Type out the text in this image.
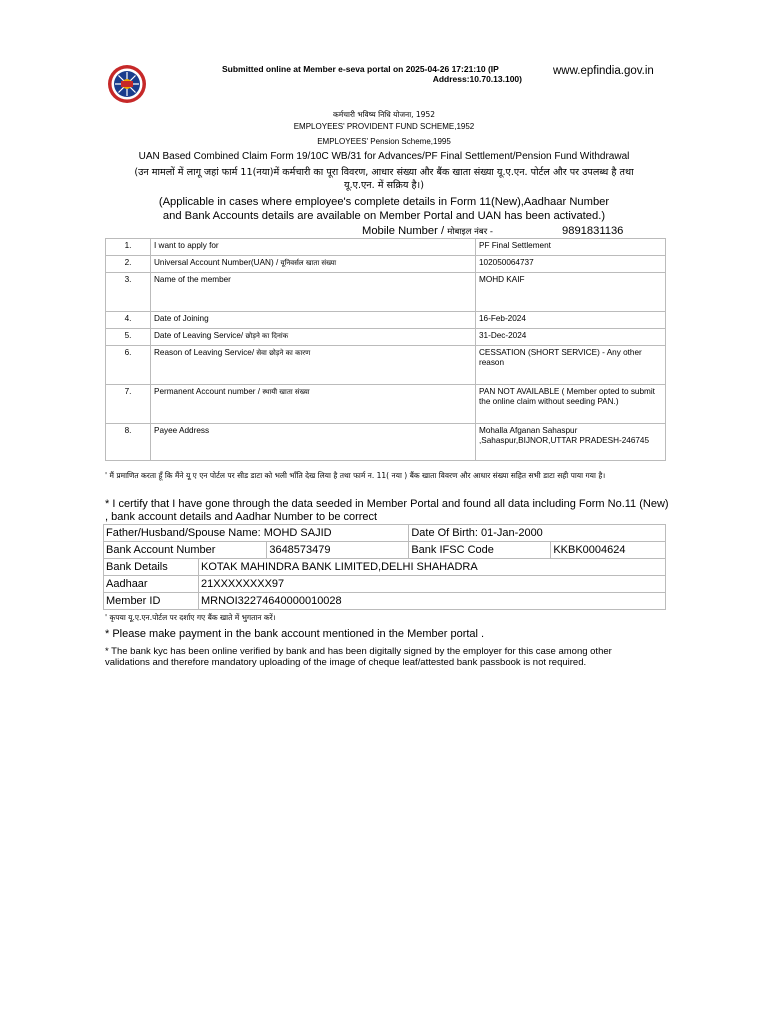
Submitted online at Member e-seva portal on 2025-04-26 17:21:10 (IP
Address:10.70.13.100)
www.epfindia.gov.in
कर्मचारी भविष्य निधि योजना, 1952
EMPLOYEES' PROVIDENT FUND SCHEME,1952
EMPLOYEES' Pension Scheme,1995
UAN Based Combined Claim Form 19/10C WB/31 for Advances/PF Final Settlement/Pension Fund Withdrawal
(उन मामलों में लागू जहां फार्म 11(नया)में कर्मचारी का पूरा विवरण, आधार संख्या और बैंक खाता संख्या यू.ए.एन. पोर्टल और पर उपलब्ध है तथा यू.ए.एन. में सक्रिय है।)
(Applicable in cases where employee's complete details in Form 11(New),Aadhaar Number and Bank Accounts details are available on Member Portal and UAN has been activated.)
Mobile Number / मोबाइल नंबर -	9891831136
1.	I want to apply for	PF Final Settlement
2.	Universal Account Number(UAN) / यूनिवर्सल खाता संख्या	102050064737
3.	Name of the member	MOHD KAIF
4.	Date of Joining	16-Feb-2024
5.	Date of Leaving Service/ छोड़ने का दिनांक	31-Dec-2024
6.	Reason of Leaving Service/ सेवा छोड़ने का कारण	CESSATION (SHORT SERVICE) - Any other reason
7.	Permanent Account number / स्थायी खाता संख्या	PAN NOT AVAILABLE ( Member opted to submit the online claim without seeding PAN.)
8.	Payee Address	Mohalla Afganan Sahaspur ,Sahaspur,BIJNOR,UTTAR PRADESH-246745
' मैं प्रमाणित करता हूँ कि मैंने यू ए एन पोर्टल पर सीड डाटा को भली भाँति देख लिया है तथा फार्म न. 11( नया ) बैंक खाता विवरण और आधार संख्या सहित सभी डाटा सही पाया गया है।
* I certify that I have gone through the data seeded in Member Portal and found all data including Form No.11 (New) , bank account details and Aadhar Number to be correct
Father/Husband/Spouse Name: MOHD SAJID			Date Of Birth: 01-Jan-2000	
Bank Account Number		3648573479	Bank IFSC Code	KKBK0004624
Bank Details	KOTAK MAHINDRA BANK LIMITED,DELHI SHAHADRA			
Aadhaar	21XXXXXXXX97			
Member ID	MRNOI32274640000010028			
' कृपया यू.ए.एन.पोर्टल पर दर्शाए गए बैंक खाते में भुगतान करें।
* Please make payment in the bank account mentioned in the Member portal .
* The bank kyc has been online verified by bank and has been digitally signed by the employer for this case among other validations and therefore mandatory uploading of the image of cheque leaf/attested bank passbook is not required.
